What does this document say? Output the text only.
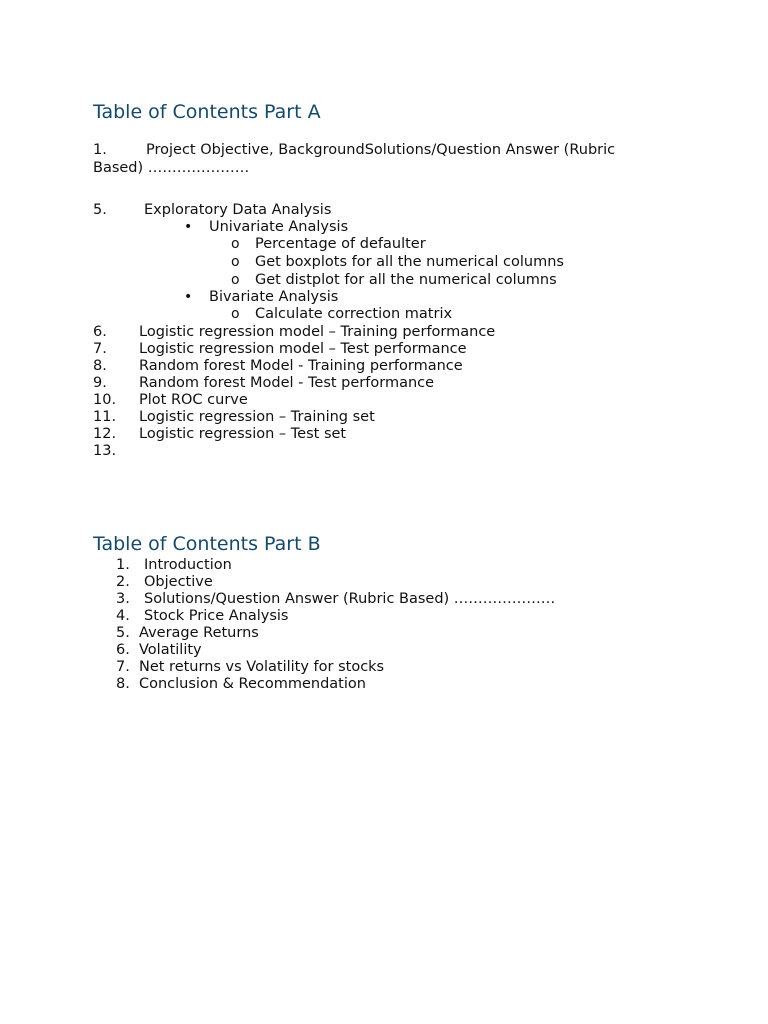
Table of Contents Part A
1.	Project Objective, BackgroundSolutions/Question Answer (Rubric
Based) …………………
5.	Exploratory Data Analysis
• Univariate Analysis
o Percentage of defaulter
o Get boxplots for all the numerical columns
o Get distplot for all the numerical columns
• Bivariate Analysis
o Calculate correction matrix
6. Logistic regression model – Training performance
7. Logistic regression model – Test performance
8. Random forest Model - Training performance
9. Random forest Model - Test performance
10. Plot ROC curve
11. Logistic regression – Training set
12. Logistic regression – Test set
13.
Table of Contents Part B
1. Introduction
2. Objective
3. Solutions/Question Answer (Rubric Based) …………………
4. Stock Price Analysis
5. Average Returns
6. Volatility
7. Net returns vs Volatility for stocks
8. Conclusion & Recommendation
